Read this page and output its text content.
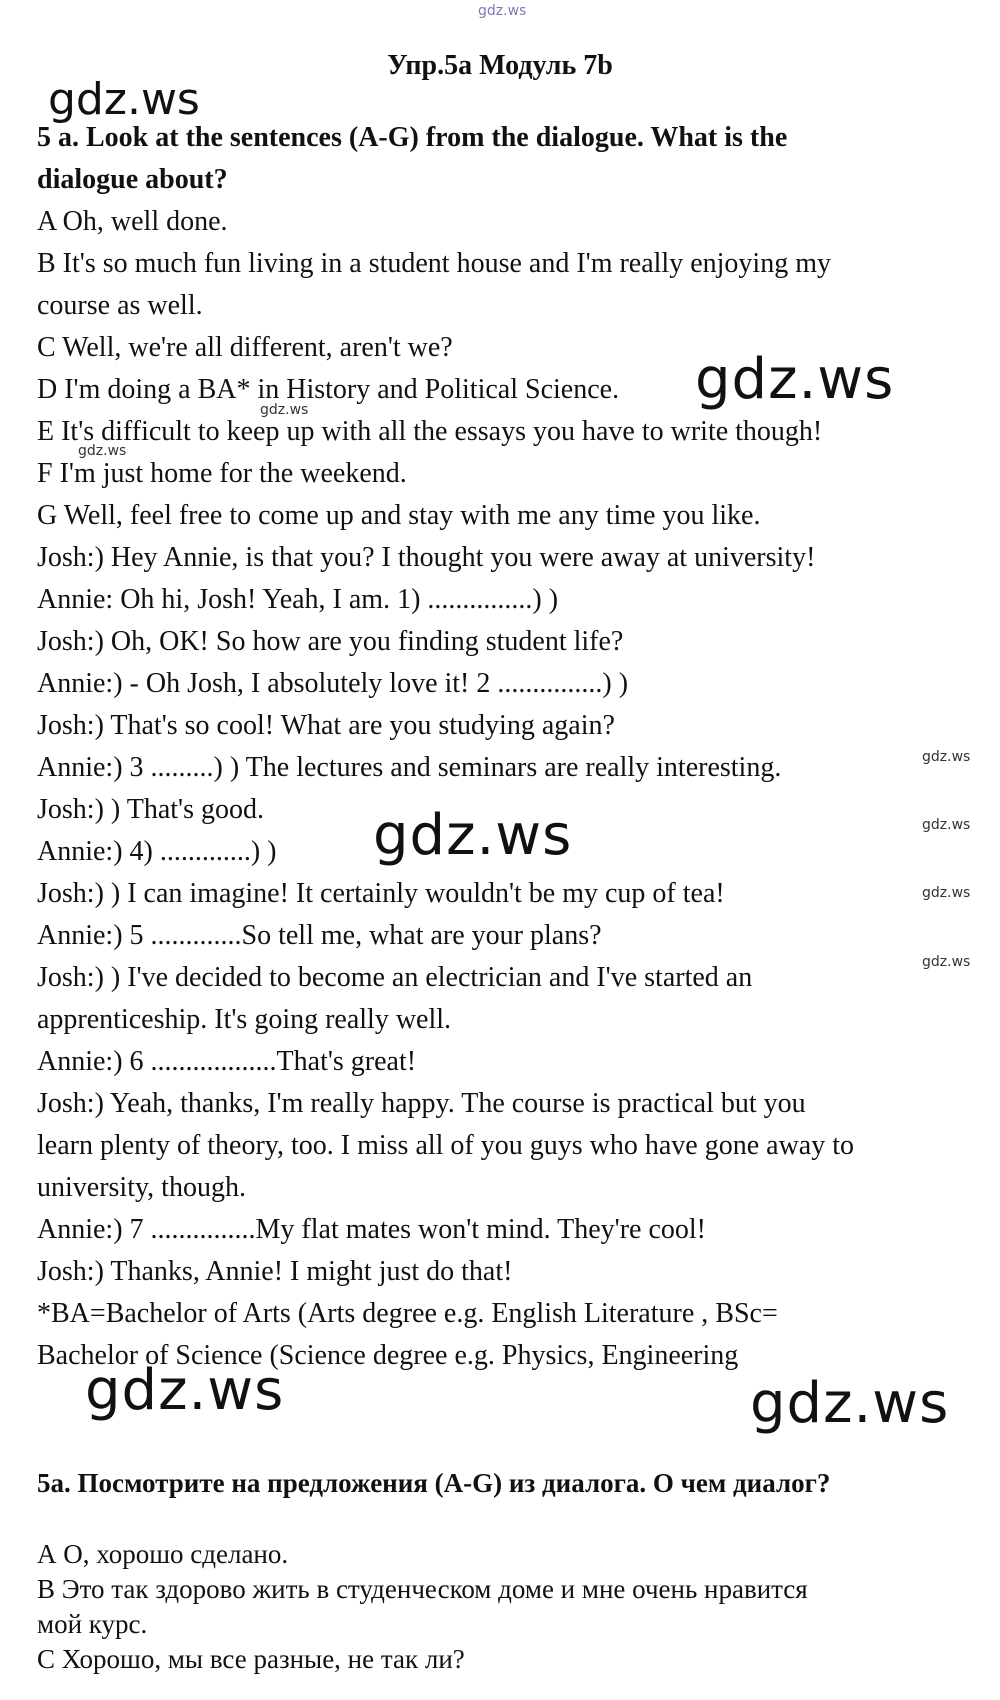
gdz.ws
Упр.5a Модуль 7b
5 a. Look at the sentences (A-G) from the dialogue. What is the
dialogue about?
A Oh, well done.
B It's so much fun living in a student house and I'm really enjoying my
course as well.
C Well, we're all different, aren't we?
D I'm doing a BA* in History and Political Science.
E It's difficult to keep up with all the essays you have to write though!
F I'm just home for the weekend.
G Well, feel free to come up and stay with me any time you like.
Josh:) Hey Annie, is that you? I thought you were away at university!
Annie: Oh hi, Josh! Yeah, I am. 1) ...............) )
Josh:) Oh, OK! So how are you finding student life?
Annie:) - Oh Josh, I absolutely love it! 2 ...............) )
Josh:) That's so cool! What are you studying again?
Annie:) 3 .........) ) The lectures and seminars are really interesting.
Josh:) ) That's good.
Annie:) 4) .............) )
Josh:) ) I can imagine! It certainly wouldn't be my cup of tea!
Annie:) 5 .............So tell me, what are your plans?
Josh:) ) I've decided to become an electrician and I've started an
apprenticeship. It's going really well.
Annie:) 6 ..................That's great!
Josh:) Yeah, thanks, I'm really happy. The course is practical but you
learn plenty of theory, too. I miss all of you guys who have gone away to
university, though.
Annie:) 7 ...............My flat mates won't mind. They're cool!
Josh:) Thanks, Annie! I might just do that!
*BA=Bachelor of Arts (Arts degree e.g. English Literature , BSc=
Bachelor of Science (Science degree e.g. Physics, Engineering
5a. Посмотрите на предложения (A-G) из диалога. О чем диалог?
А О, хорошо сделано.
В Это так здорово жить в студенческом доме и мне очень нравится
мой курс.
С Хорошо, мы все разные, не так ли?
gdz.ws
gdz.ws
gdz.ws
gdz.ws
gdz.ws
gdz.ws
gdz.ws
gdz.ws
gdz.ws
gdz.ws	gdz.ws
